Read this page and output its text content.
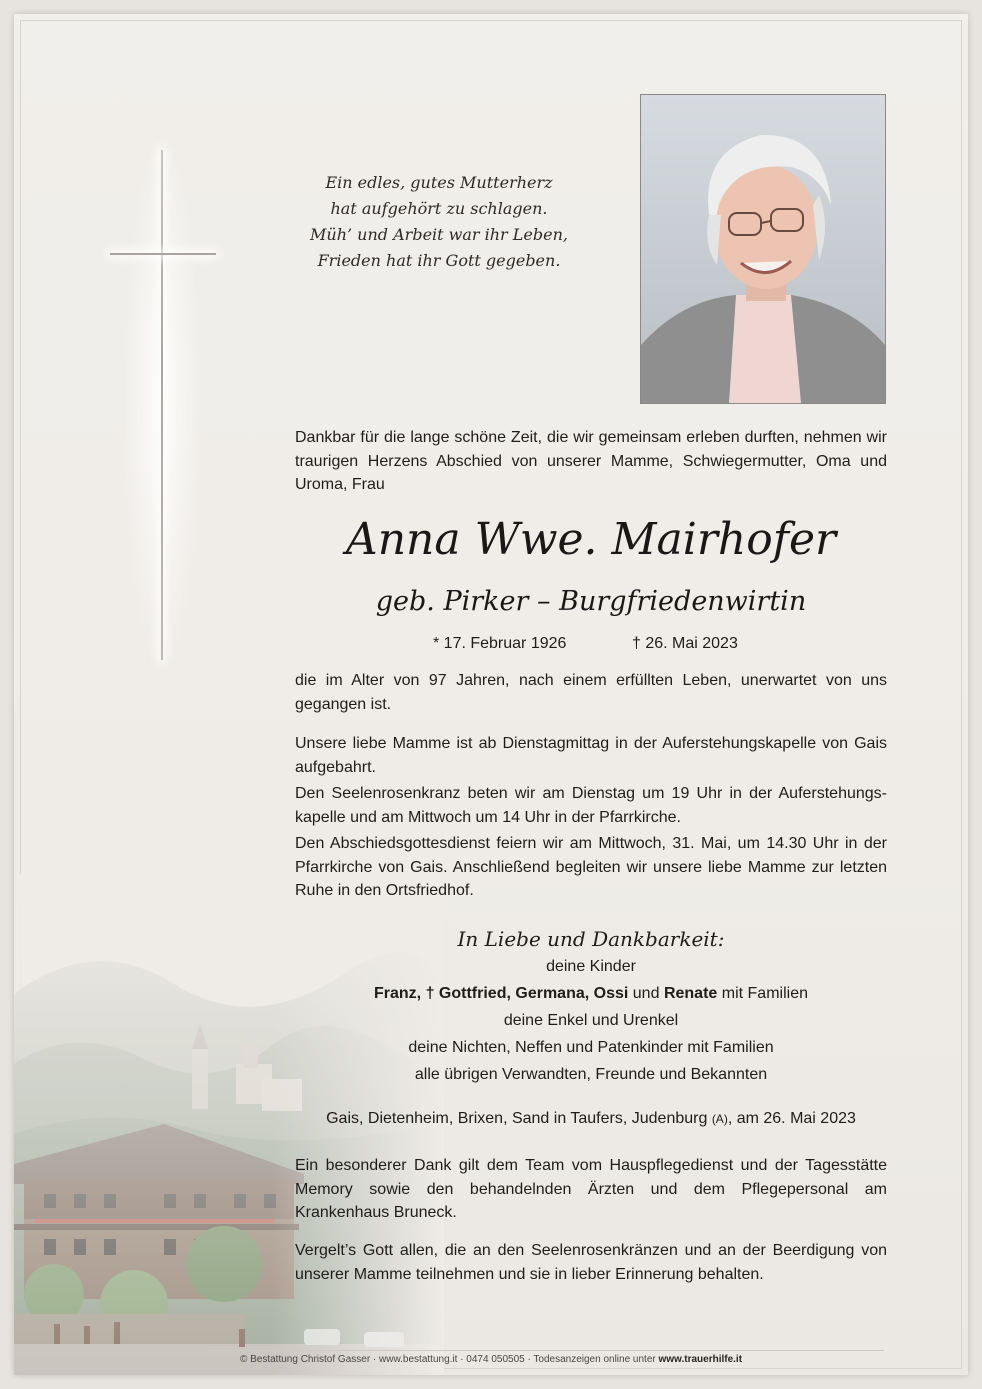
Ein edles, gutes Mutterherz
hat aufgehört zu schlagen.
Müh’ und Arbeit war ihr Leben,
Frieden hat ihr Gott gegeben.
Dankbar für die lange schöne Zeit, die wir gemeinsam erleben durften, nehmen wir traurigen Herzens Abschied von unserer Mamme, Schwiegermutter, Oma und Uroma, Frau
Anna Wwe. Mairhofer
geb. Pirker – Burgfriedenwirtin
* 17. Februar 1926	† 26. Mai 2023
die im Alter von 97 Jahren, nach einem erfüllten Leben, unerwartet von uns gegangen ist.
Unsere liebe Mamme ist ab Dienstagmittag in der Auferstehungskapelle von Gais aufgebahrt.
Den Seelenrosenkranz beten wir am Dienstag um 19 Uhr in der Auferstehungs-kapelle und am Mittwoch um 14 Uhr in der Pfarrkirche.
Den Abschiedsgottesdienst feiern wir am Mittwoch, 31. Mai, um 14.30 Uhr in der Pfarrkirche von Gais. Anschließend begleiten wir unsere liebe Mamme zur letzten Ruhe in den Ortsfriedhof.
In Liebe und Dankbarkeit:
deine Kinder
Franz, † Gottfried, Germana, Ossi und Renate mit Familien
deine Enkel und Urenkel
deine Nichten, Neffen und Patenkinder mit Familien
alle übrigen Verwandten, Freunde und Bekannten
Gais, Dietenheim, Brixen, Sand in Taufers, Judenburg (A), am 26. Mai 2023
Ein besonderer Dank gilt dem Team vom Hauspflegedienst und der Tagesstätte Memory sowie den behandelnden Ärzten und dem Pflegepersonal am Krankenhaus Bruneck.
Vergelt’s Gott allen, die an den Seelenrosenkränzen und an der Beerdigung von unserer Mamme teilnehmen und sie in lieber Erinnerung behalten.
© Bestattung Christof Gasser · www.bestattung.it · 0474 050505 · Todesanzeigen online unter www.trauerhilfe.it
